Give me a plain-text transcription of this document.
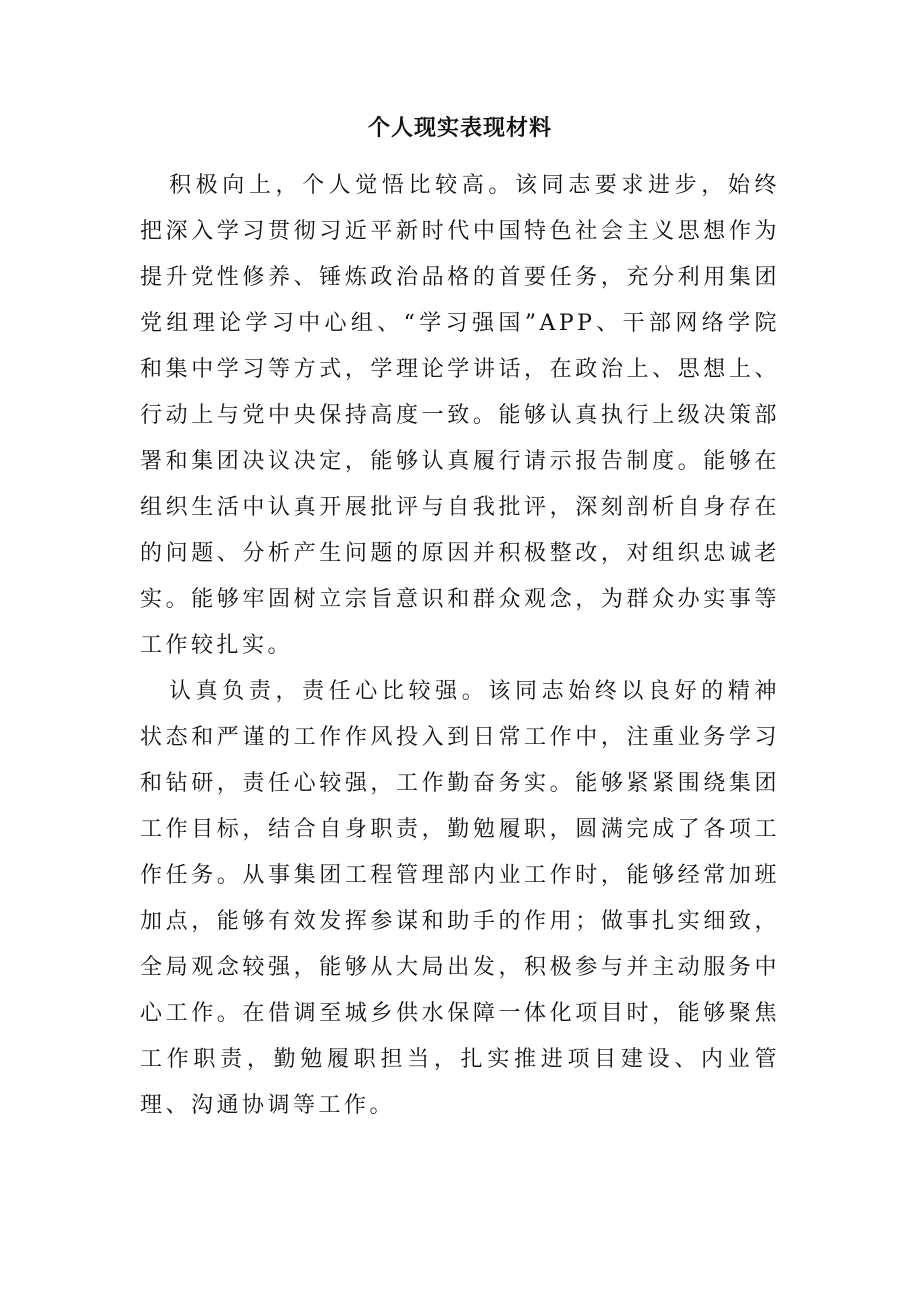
个人现实表现材料

积极向上，个人觉悟比较高。该同志要求进步，始终把深入学习贯彻习近平新时代中国特色社会主义思想作为提升党性修养、锤炼政治品格的首要任务，充分利用集团党组理论学习中心组、“学习强国”APP、干部网络学院和集中学习等方式，学理论学讲话，在政治上、思想上、行动上与党中央保持高度一致。能够认真执行上级决策部署和集团决议决定，能够认真履行请示报告制度。能够在组织生活中认真开展批评与自我批评，深刻剖析自身存在的问题、分析产生问题的原因并积极整改，对组织忠诚老实。能够牢固树立宗旨意识和群众观念，为群众办实事等工作较扎实。

认真负责，责任心比较强。该同志始终以良好的精神状态和严谨的工作作风投入到日常工作中，注重业务学习和钻研，责任心较强，工作勤奋务实。能够紧紧围绕集团工作目标，结合自身职责，勤勉履职，圆满完成了各项工作任务。从事集团工程管理部内业工作时，能够经常加班加点，能够有效发挥参谋和助手的作用；做事扎实细致，全局观念较强，能够从大局出发，积极参与并主动服务中心工作。在借调至城乡供水保障一体化项目时，能够聚焦工作职责，勤勉履职担当，扎实推进项目建设、内业管理、沟通协调等工作。
